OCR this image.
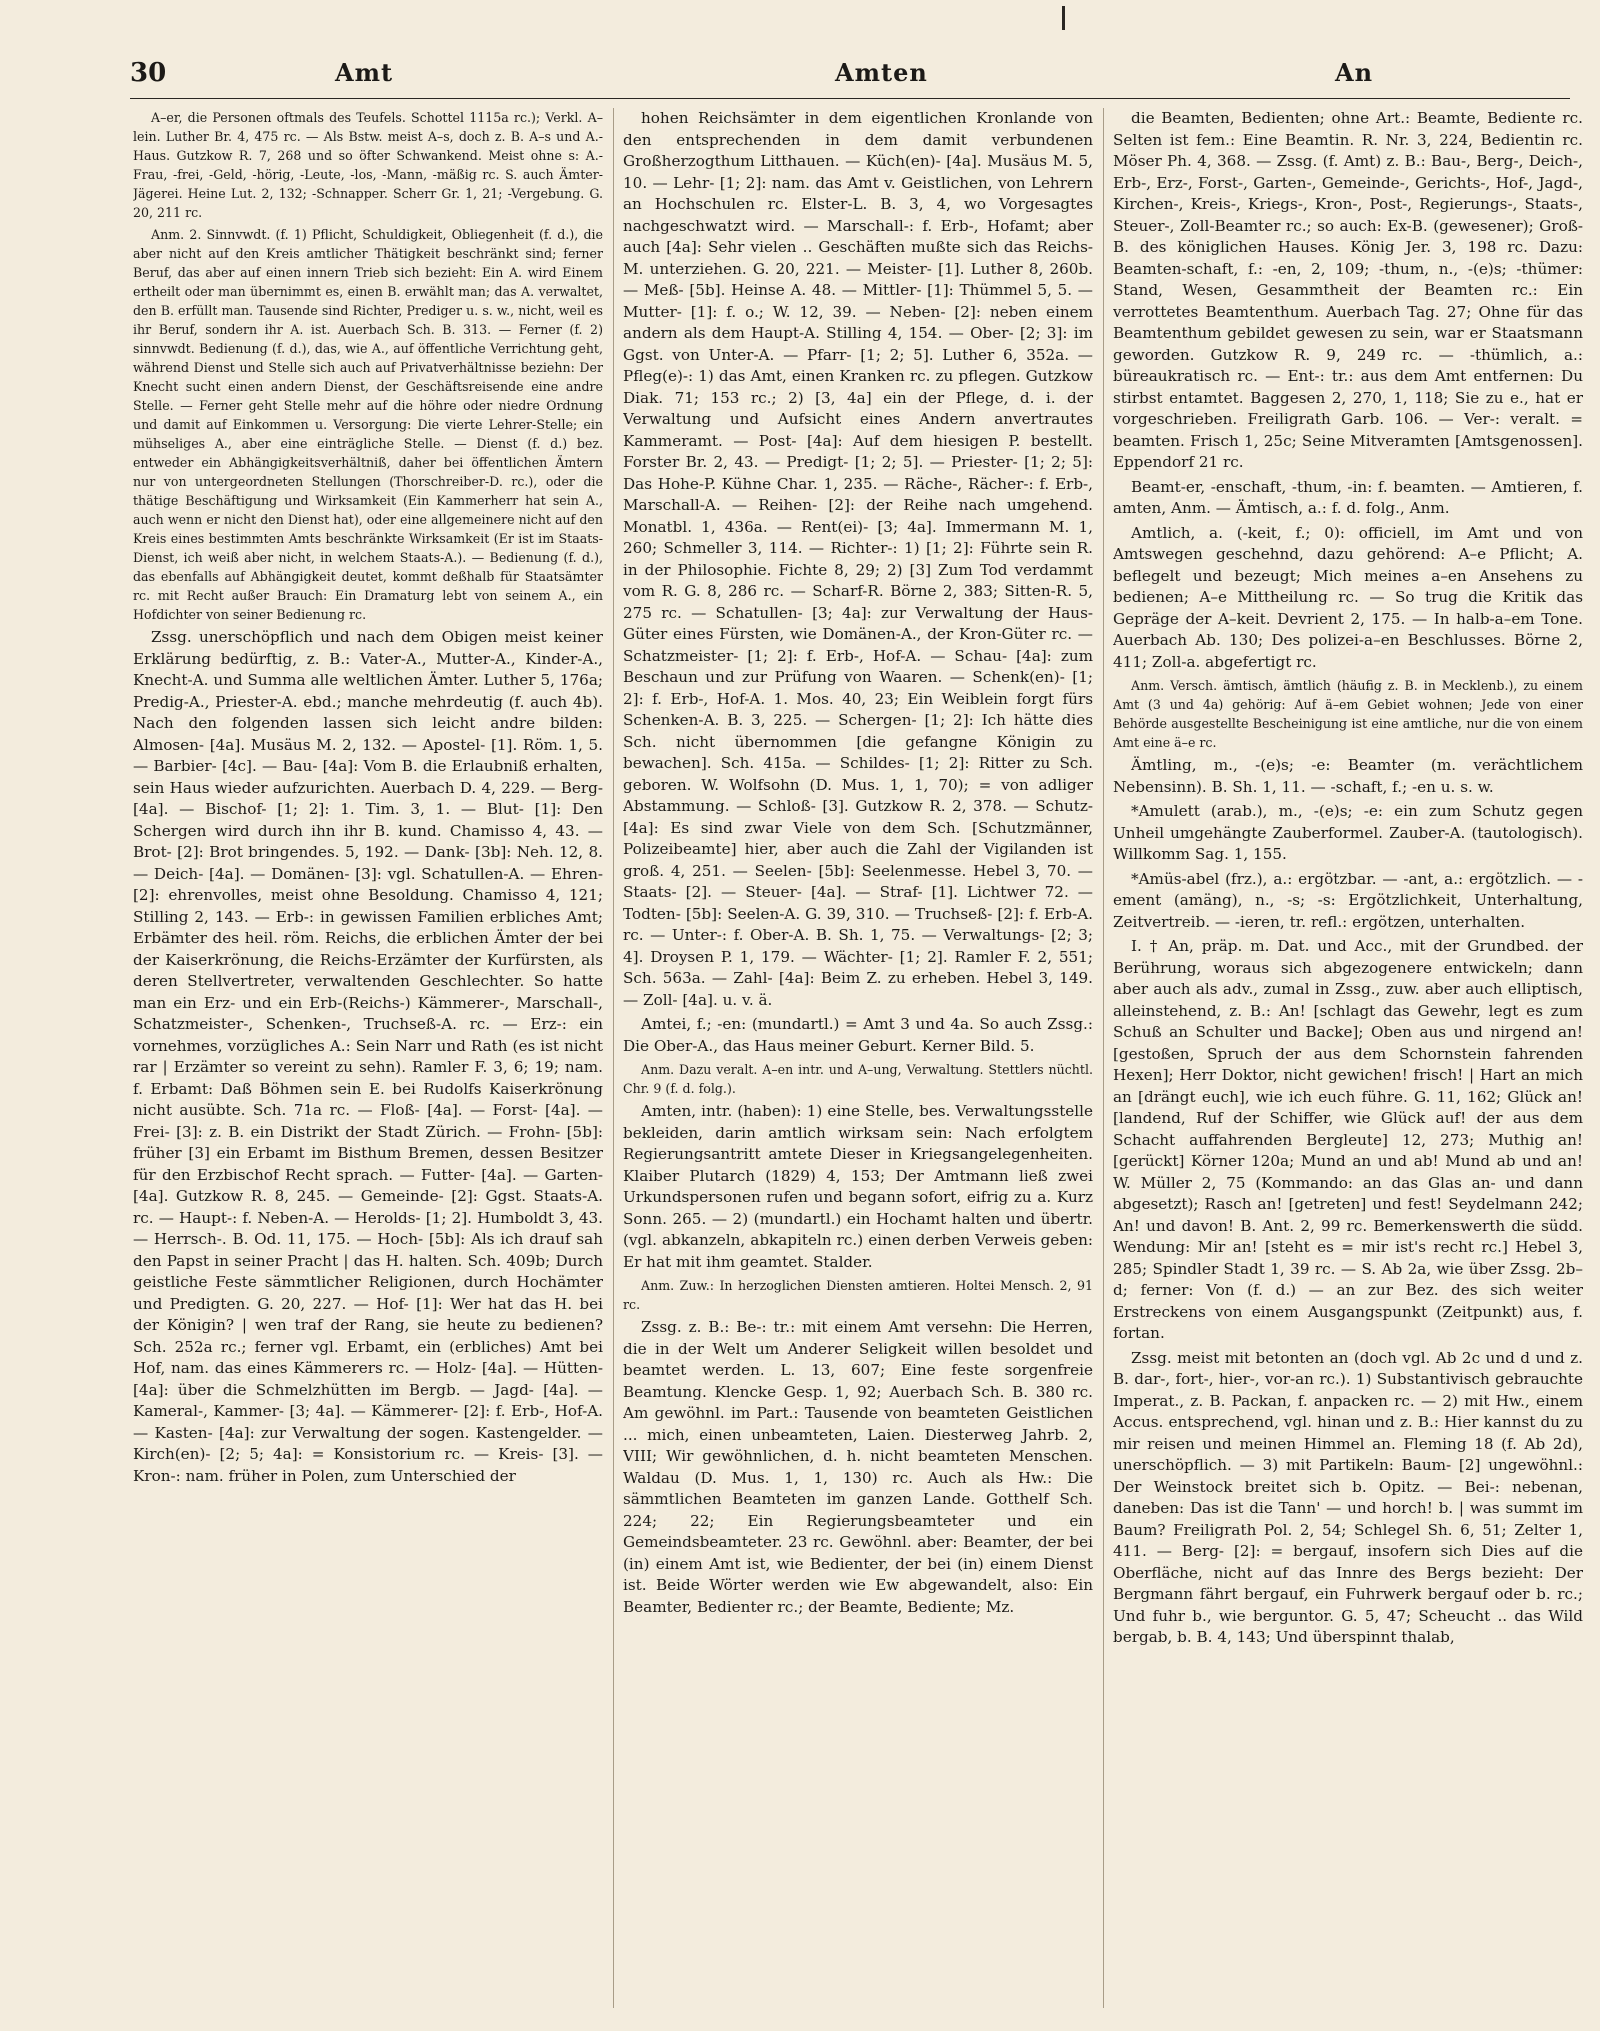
30	Amt	Amten	An

A–er, die Personen oftmals des Teufels. Schottel 1115a rc.); Verkl. A–lein. Luther Br. 4, 475 rc. — Als Bstw. meist A–s, doch z. B. A–s und A.-Haus. Gutzkow R. 7, 268 und so öfter Schwankend. Meist ohne s: A.-Frau, -frei, -Geld, -hörig, -Leute, -los, -Mann, -mäßig rc. S. auch Ämter-Jägerei. Heine Lut. 2, 132; -Schnapper. Scherr Gr. 1, 21; -Vergebung. G. 20, 211 rc.

Anm. 2. Sinnvwdt. (f. 1) Pflicht, Schuldigkeit, Obliegenheit (f. d.), die aber nicht auf den Kreis amtlicher Thätigkeit beschränkt sind; ferner Beruf, das aber auf einen innern Trieb sich bezieht: Ein A. wird Einem ertheilt oder man übernimmt es, einen B. erwählt man; das A. verwaltet, den B. erfüllt man. Tausende sind Richter, Prediger u. s. w., nicht, weil es ihr Beruf, sondern ihr A. ist. Auerbach Sch. B. 313. — Ferner (f. 2) sinnvwdt. Bedienung (f. d.), das, wie A., auf öffentliche Verrichtung geht, während Dienst und Stelle sich auch auf Privatverhältnisse beziehn: Der Knecht sucht einen andern Dienst, der Geschäftsreisende eine andre Stelle. — Ferner geht Stelle mehr auf die höhre oder niedre Ordnung und damit auf Einkommen u. Versorgung: Die vierte Lehrer-Stelle; ein mühseliges A., aber eine einträgliche Stelle. — Dienst (f. d.) bez. entweder ein Abhängigkeitsverhältniß, daher bei öffentlichen Ämtern nur von untergeordneten Stellungen (Thorschreiber-D. rc.), oder die thätige Beschäftigung und Wirksamkeit (Ein Kammerherr hat sein A., auch wenn er nicht den Dienst hat), oder eine allgemeinere nicht auf den Kreis eines bestimmten Amts beschränkte Wirksamkeit (Er ist im Staats-Dienst, ich weiß aber nicht, in welchem Staats-A.). — Bedienung (f. d.), das ebenfalls auf Abhängigkeit deutet, kommt deßhalb für Staatsämter rc. mit Recht außer Brauch: Ein Dramaturg lebt von seinem A., ein Hofdichter von seiner Bedienung rc.

Zssg. unerschöpflich und nach dem Obigen meist keiner Erklärung bedürftig, z. B.: Vater-A., Mutter-A., Kinder-A., Knecht-A. und Summa alle weltlichen Ämter. Luther 5, 176a; Predig-A., Priester-A. ebd.; manche mehrdeutig (f. auch 4b). Nach den folgenden lassen sich leicht andre bilden: Almosen- [4a]. Musäus M. 2, 132. — Apostel- [1]. Röm. 1, 5. — Barbier- [4c]. — Bau- [4a]: Vom B. die Erlaubniß erhalten, sein Haus wieder aufzurichten. Auerbach D. 4, 229. — Berg- [4a]. — Bischof- [1; 2]: 1. Tim. 3, 1. — Blut- [1]: Den Schergen wird durch ihn ihr B. kund. Chamisso 4, 43. — Brot- [2]: Brot bringendes. 5, 192. — Dank- [3b]: Neh. 12, 8. — Deich- [4a]. — Domänen- [3]: vgl. Schatullen-A. — Ehren- [2]: ehrenvolles, meist ohne Besoldung. Chamisso 4, 121; Stilling 2, 143. — Erb-: in gewissen Familien erbliches Amt; Erbämter des heil. röm. Reichs, die erblichen Ämter der bei der Kaiserkrönung, die Reichs-Erzämter der Kurfürsten, als deren Stellvertreter, verwaltenden Geschlechter. So hatte man ein Erz- und ein Erb-(Reichs-) Kämmerer-, Marschall-, Schatzmeister-, Schenken-, Truchseß-A. rc. — Erz-: ein vornehmes, vorzügliches A.: Sein Narr und Rath (es ist nicht rar | Erzämter so vereint zu sehn). Ramler F. 3, 6; 19; nam. f. Erbamt: Daß Böhmen sein E. bei Rudolfs Kaiserkrönung nicht ausübte. Sch. 71a rc. — Floß- [4a]. — Forst- [4a]. — Frei- [3]: z. B. ein Distrikt der Stadt Zürich. — Frohn- [5b]: früher [3] ein Erbamt im Bisthum Bremen, dessen Besitzer für den Erzbischof Recht sprach. — Futter- [4a]. — Garten- [4a]. Gutzkow R. 8, 245. — Gemeinde- [2]: Ggst. Staats-A. rc. — Haupt-: f. Neben-A. — Herolds- [1; 2]. Humboldt 3, 43. — Herrsch-. B. Od. 11, 175. — Hoch- [5b]: Als ich drauf sah den Papst in seiner Pracht | das H. halten. Sch. 409b; Durch geistliche Feste sämmtlicher Religionen, durch Hochämter und Predigten. G. 20, 227. — Hof- [1]: Wer hat das H. bei der Königin? | wen traf der Rang, sie heute zu bedienen? Sch. 252a rc.; ferner vgl. Erbamt, ein (erbliches) Amt bei Hof, nam. das eines Kämmerers rc. — Holz- [4a]. — Hütten- [4a]: über die Schmelzhütten im Bergb. — Jagd- [4a]. — Kameral-, Kammer- [3; 4a]. — Kämmerer- [2]: f. Erb-, Hof-A. — Kasten- [4a]: zur Verwaltung der sogen. Kastengelder. — Kirch(en)- [2; 5; 4a]: = Konsistorium rc. — Kreis- [3]. — Kron-: nam. früher in Polen, zum Unterschied der

hohen Reichsämter in dem eigentlichen Kronlande von den entsprechenden in dem damit verbundenen Großherzogthum Litthauen. — Küch(en)- [4a]. Musäus M. 5, 10. — Lehr- [1; 2]: nam. das Amt v. Geistlichen, von Lehrern an Hochschulen rc. Elster-L. B. 3, 4, wo Vorgesagtes nachgeschwatzt wird. — Marschall-: f. Erb-, Hofamt; aber auch [4a]: Sehr vielen .. Geschäften mußte sich das Reichs-M. unterziehen. G. 20, 221. — Meister- [1]. Luther 8, 260b. — Meß- [5b]. Heinse A. 48. — Mittler- [1]: Thümmel 5, 5. — Mutter- [1]: f. o.; W. 12, 39. — Neben- [2]: neben einem andern als dem Haupt-A. Stilling 4, 154. — Ober- [2; 3]: im Ggst. von Unter-A. — Pfarr- [1; 2; 5]. Luther 6, 352a. — Pfleg(e)-: 1) das Amt, einen Kranken rc. zu pflegen. Gutzkow Diak. 71; 153 rc.; 2) [3, 4a] ein der Pflege, d. i. der Verwaltung und Aufsicht eines Andern anvertrautes Kammeramt. — Post- [4a]: Auf dem hiesigen P. bestellt. Forster Br. 2, 43. — Predigt- [1; 2; 5]. — Priester- [1; 2; 5]: Das Hohe-P. Kühne Char. 1, 235. — Räche-, Rächer-: f. Erb-, Marschall-A. — Reihen- [2]: der Reihe nach umgehend. Monatbl. 1, 436a. — Rent(ei)- [3; 4a]. Immermann M. 1, 260; Schmeller 3, 114. — Richter-: 1) [1; 2]: Führte sein R. in der Philosophie. Fichte 8, 29; 2) [3] Zum Tod verdammt vom R. G. 8, 286 rc. — Scharf-R. Börne 2, 383; Sitten-R. 5, 275 rc. — Schatullen- [3; 4a]: zur Verwaltung der Haus-Güter eines Fürsten, wie Domänen-A., der Kron-Güter rc. — Schatzmeister- [1; 2]: f. Erb-, Hof-A. — Schau- [4a]: zum Beschaun und zur Prüfung von Waaren. — Schenk(en)- [1; 2]: f. Erb-, Hof-A. 1. Mos. 40, 23; Ein Weiblein forgt fürs Schenken-A. B. 3, 225. — Schergen- [1; 2]: Ich hätte dies Sch. nicht übernommen [die gefangne Königin zu bewachen]. Sch. 415a. — Schildes- [1; 2]: Ritter zu Sch. geboren. W. Wolfsohn (D. Mus. 1, 1, 70); = von adliger Abstammung. — Schloß- [3]. Gutzkow R. 2, 378. — Schutz- [4a]: Es sind zwar Viele von dem Sch. [Schutzmänner, Polizeibeamte] hier, aber auch die Zahl der Vigilanden ist groß. 4, 251. — Seelen- [5b]: Seelenmesse. Hebel 3, 70. — Staats- [2]. — Steuer- [4a]. — Straf- [1]. Lichtwer 72. — Todten- [5b]: Seelen-A. G. 39, 310. — Truchseß- [2]: f. Erb-A. rc. — Unter-: f. Ober-A. B. Sh. 1, 75. — Verwaltungs- [2; 3; 4]. Droysen P. 1, 179. — Wächter- [1; 2]. Ramler F. 2, 551; Sch. 563a. — Zahl- [4a]: Beim Z. zu erheben. Hebel 3, 149. — Zoll- [4a]. u. v. ä.

Amtei, f.; -en: (mundartl.) = Amt 3 und 4a. So auch Zssg.: Die Ober-A., das Haus meiner Geburt. Kerner Bild. 5.

Anm. Dazu veralt. A–en intr. und A–ung, Verwaltung. Stettlers nüchtl. Chr. 9 (f. d. folg.).

Amten, intr. (haben): 1) eine Stelle, bes. Verwaltungsstelle bekleiden, darin amtlich wirksam sein: Nach erfolgtem Regierungsantritt amtete Dieser in Kriegsangelegenheiten. Klaiber Plutarch (1829) 4, 153; Der Amtmann ließ zwei Urkundspersonen rufen und begann sofort, eifrig zu a. Kurz Sonn. 265. — 2) (mundartl.) ein Hochamt halten und übertr. (vgl. abkanzeln, abkapiteln rc.) einen derben Verweis geben: Er hat mit ihm geamtet. Stalder.

Anm. Zuw.: In herzoglichen Diensten amtieren. Holtei Mensch. 2, 91 rc.

Zssg. z. B.: Be-: tr.: mit einem Amt versehn: Die Herren, die in der Welt um Anderer Seligkeit willen besoldet und beamtet werden. L. 13, 607; Eine feste sorgenfreie Beamtung. Klencke Gesp. 1, 92; Auerbach Sch. B. 380 rc. Am gewöhnl. im Part.: Tausende von beamteten Geistlichen ... mich, einen unbeamteten, Laien. Diesterweg Jahrb. 2, VIII; Wir gewöhnlichen, d. h. nicht beamteten Menschen. Waldau (D. Mus. 1, 1, 130) rc. Auch als Hw.: Die sämmtlichen Beamteten im ganzen Lande. Gotthelf Sch. 224; 22; Ein Regierungsbeamteter und ein Gemeindsbeamteter. 23 rc. Gewöhnl. aber: Beamter, der bei (in) einem Amt ist, wie Bedienter, der bei (in) einem Dienst ist. Beide Wörter werden wie Ew abgewandelt, also: Ein Beamter, Bedienter rc.; der Beamte, Bediente; Mz.

die Beamten, Bedienten; ohne Art.: Beamte, Bediente rc. Selten ist fem.: Eine Beamtin. R. Nr. 3, 224, Bedientin rc. Möser Ph. 4, 368. — Zssg. (f. Amt) z. B.: Bau-, Berg-, Deich-, Erb-, Erz-, Forst-, Garten-, Gemeinde-, Gerichts-, Hof-, Jagd-, Kirchen-, Kreis-, Kriegs-, Kron-, Post-, Regierungs-, Staats-, Steuer-, Zoll-Beamter rc.; so auch: Ex-B. (gewesener); Groß-B. des königlichen Hauses. König Jer. 3, 198 rc. Dazu: Beamten-schaft, f.: -en, 2, 109; -thum, n., -(e)s; -thümer: Stand, Wesen, Gesammtheit der Beamten rc.: Ein verrottetes Beamtenthum. Auerbach Tag. 27; Ohne für das Beamtenthum gebildet gewesen zu sein, war er Staatsmann geworden. Gutzkow R. 9, 249 rc. — -thümlich, a.: büreaukratisch rc. — Ent-: tr.: aus dem Amt entfernen: Du stirbst entamtet. Baggesen 2, 270, 1, 118; Sie zu e., hat er vorgeschrieben. Freiligrath Garb. 106. — Ver-: veralt. = beamten. Frisch 1, 25c; Seine Mitveramten [Amtsgenossen]. Eppendorf 21 rc.

Beamt-er, -enschaft, -thum, -in: f. beamten. — Amtieren, f. amten, Anm. — Ämtisch, a.: f. d. folg., Anm.

Amtlich, a. (-keit, f.; 0): officiell, im Amt und von Amtswegen geschehnd, dazu gehörend: A–e Pflicht; A. beflegelt und bezeugt; Mich meines a–en Ansehens zu bedienen; A–e Mittheilung rc. — So trug die Kritik das Gepräge der A–keit. Devrient 2, 175. — In halb-a–em Tone. Auerbach Ab. 130; Des polizei-a–en Beschlusses. Börne 2, 411; Zoll-a. abgefertigt rc.

Anm. Versch. ämtisch, ämtlich (häufig z. B. in Mecklenb.), zu einem Amt (3 und 4a) gehörig: Auf ä–em Gebiet wohnen; Jede von einer Behörde ausgestellte Bescheinigung ist eine amtliche, nur die von einem Amt eine ä–e rc.

Ämtling, m., -(e)s; -e: Beamter (m. verächtlichem Nebensinn). B. Sh. 1, 11. — -schaft, f.; -en u. s. w.

*Amulett (arab.), m., -(e)s; -e: ein zum Schutz gegen Unheil umgehängte Zauberformel. Zauber-A. (tautologisch). Willkomm Sag. 1, 155.

*Amüs-abel (frz.), a.: ergötzbar. — -ant, a.: ergötzlich. — -ement (amäng), n., -s; -s: Ergötzlichkeit, Unterhaltung, Zeitvertreib. — -ieren, tr. refl.: ergötzen, unterhalten.

I. † An, präp. m. Dat. und Acc., mit der Grundbed. der Berührung, woraus sich abgezogenere entwickeln; dann aber auch als adv., zumal in Zssg., zuw. aber auch elliptisch, alleinstehend, z. B.: An! [schlagt das Gewehr, legt es zum Schuß an Schulter und Backe]; Oben aus und nirgend an! [gestoßen, Spruch der aus dem Schornstein fahrenden Hexen]; Herr Doktor, nicht gewichen! frisch! | Hart an mich an [drängt euch], wie ich euch führe. G. 11, 162; Glück an! [landend, Ruf der Schiffer, wie Glück auf! der aus dem Schacht auffahrenden Bergleute] 12, 273; Muthig an! [gerückt] Körner 120a; Mund an und ab! Mund ab und an! W. Müller 2, 75 (Kommando: an das Glas an- und dann abgesetzt); Rasch an! [getreten] und fest! Seydelmann 242; An! und davon! B. Ant. 2, 99 rc. Bemerkenswerth die südd. Wendung: Mir an! [steht es = mir ist's recht rc.] Hebel 3, 285; Spindler Stadt 1, 39 rc. — S. Ab 2a, wie über Zssg. 2b–d; ferner: Von (f. d.) — an zur Bez. des sich weiter Erstreckens von einem Ausgangspunkt (Zeitpunkt) aus, f. fortan.

Zssg. meist mit betonten an (doch vgl. Ab 2c und d und z. B. dar-, fort-, hier-, vor-an rc.). 1) Substantivisch gebrauchte Imperat., z. B. Packan, f. anpacken rc. — 2) mit Hw., einem Accus. entsprechend, vgl. hinan und z. B.: Hier kannst du zu mir reisen und meinen Himmel an. Fleming 18 (f. Ab 2d), unerschöpflich. — 3) mit Partikeln: Baum- [2] ungewöhnl.: Der Weinstock breitet sich b. Opitz. — Bei-: nebenan, daneben: Das ist die Tann' — und horch! b. | was summt im Baum? Freiligrath Pol. 2, 54; Schlegel Sh. 6, 51; Zelter 1, 411. — Berg- [2]: = bergauf, insofern sich Dies auf die Oberfläche, nicht auf das Innre des Bergs bezieht: Der Bergmann fährt bergauf, ein Fuhrwerk bergauf oder b. rc.; Und fuhr b., wie berguntor. G. 5, 47; Scheucht .. das Wild bergab, b. B. 4, 143; Und überspinnt thalab,
